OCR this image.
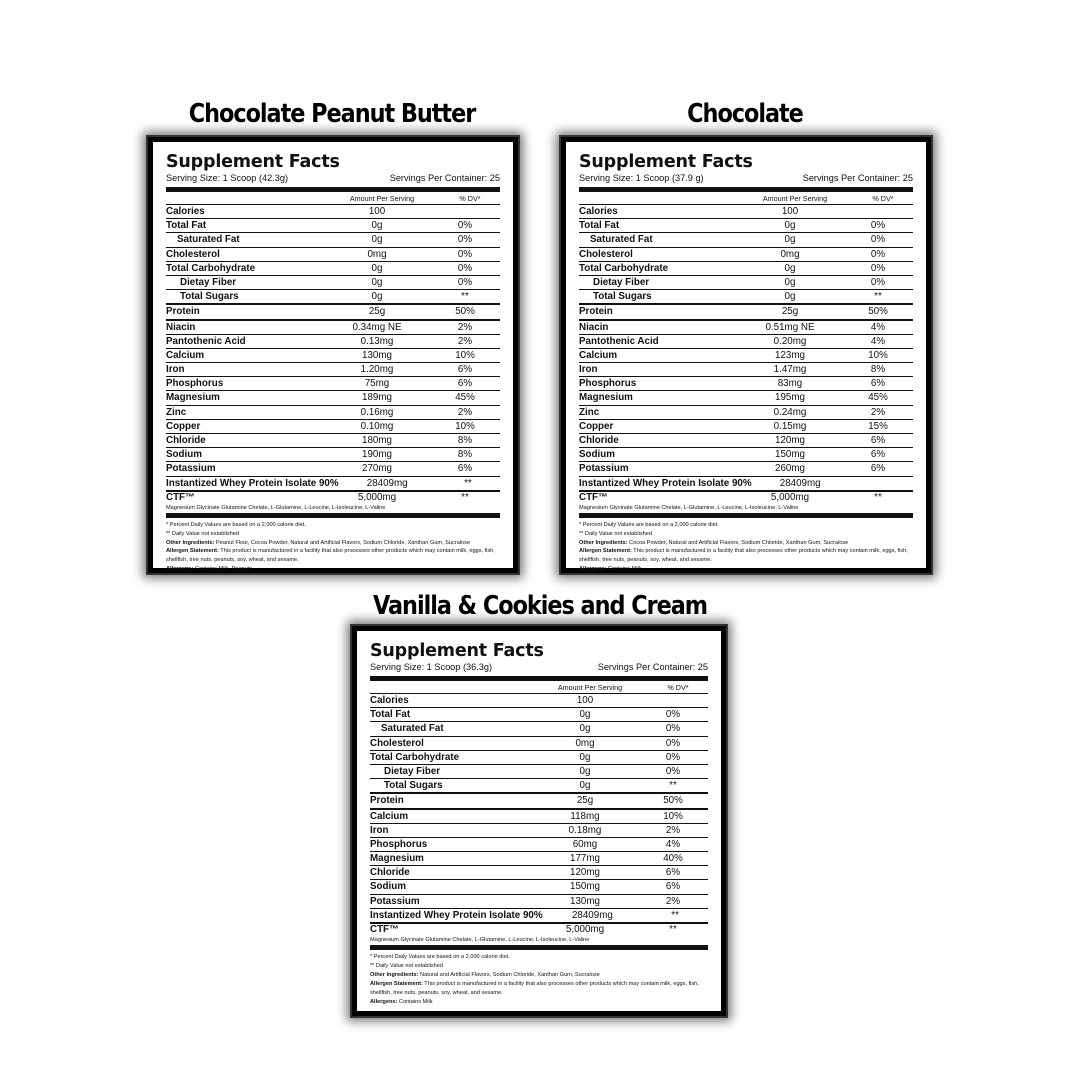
Chocolate Peanut Butter	Chocolate
Vanilla & Cookies and Cream
Supplement Facts
Serving Size: 1 Scoop (42.3g)	Servings Per Container: 25
Amount Per Serving	% DV*
Calories	100
Total Fat	0g	0%
Saturated Fat	0g	0%
Cholesterol	0mg	0%
Total Carbohydrate	0g	0%
Dietay Fiber	0g	0%
Total Sugars	0g	**
Protein	25g	50%
Niacin	0.34mg NE	2%
Pantothenic Acid	0.13mg	2%
Calcium	130mg	10%
Iron	1.20mg	6%
Phosphorus	75mg	6%
Magnesium	189mg	45%
Zinc	0.16mg	2%
Copper	0.10mg	10%
Chloride	180mg	8%
Sodium	190mg	8%
Potassium	270mg	6%
Instantized Whey Protein Isolate 90%	28409mg	**
CTF™	5,000mg	**
Magnesium Glycinate Glutamine Chelate, L-Glutamine, L-Leucine, L-Isoleucine, L-Valine
* Percent Daily Values are based on a 2,000 calorie diet.
** Daily Value not established
Other Ingredients: Peanut Flour, Cocoa Powder, Natural and Artificial Flavors, Sodium Chloride, Xanthan Gum, Sucralose
Allergen Statement: This product is manufactured in a facility that also processes other products which may contain milk, eggs, fish, shellfish, tree nuts, peanuts, soy, wheat, and sesame.
Allergens: Contains Milk, Peanuts
Supplement Facts
Serving Size: 1 Scoop (37.9 g)	Servings Per Container: 25
Amount Per Serving	% DV*
Calories	100
Total Fat	0g	0%
Saturated Fat	0g	0%
Cholesterol	0mg	0%
Total Carbohydrate	0g	0%
Dietay Fiber	0g	0%
Total Sugars	0g	**
Protein	25g	50%
Niacin	0.51mg NE	4%
Pantothenic Acid	0.20mg	4%
Calcium	123mg	10%
Iron	1.47mg	8%
Phosphorus	83mg	6%
Magnesium	195mg	45%
Zinc	0.24mg	2%
Copper	0.15mg	15%
Chloride	120mg	6%
Sodium	150mg	6%
Potassium	260mg	6%
Instantized Whey Protein Isolate 90%	28409mg
CTF™	5,000mg	**
Magnesium Glycinate Glutamine Chelate, L-Glutamine, L-Leucine, L-Isoleucine, L-Valine
* Percent Daily Values are based on a 2,000 calorie diet.
** Daily Value not established
Other Ingredients: Cocoa Powder, Natural and Artificial Flavors, Sodium Chloride, Xanthan Gum, Sucralose
Allergen Statement: This product is manufactured in a facility that also processes other products which may contain milk, eggs, fish, shellfish, tree nuts, peanuts, soy, wheat, and sesame.
Allergens: Contains Milk
Supplement Facts
Serving Size: 1 Scoop (36.3g)	Servings Per Container: 25
Amount Per Serving	% DV*
Calories	100
Total Fat	0g	0%
Saturated Fat	0g	0%
Cholesterol	0mg	0%
Total Carbohydrate	0g	0%
Dietay Fiber	0g	0%
Total Sugars	0g	**
Protein	25g	50%
Calcium	118mg	10%
Iron	0.18mg	2%
Phosphorus	60mg	4%
Magnesium	177mg	40%
Chloride	120mg	6%
Sodium	150mg	6%
Potassium	130mg	2%
Instantized Whey Protein Isolate 90%	28409mg	**
CTF™	5,000mg	**
Magnesium Glycinate Glutamine Chelate, L-Glutamine, L-Leucine, L-Isoleucine, L-Valine
* Percent Daily Values are based on a 2,000 calorie diet.
** Daily Value not established
Other Ingredients: Natural and Artificial Flavors, Sodium Chloride, Xanthan Gum, Sucralose
Allergen Statement: This product is manufactured in a facility that also processes other products which may contain milk, eggs, fish, shellfish, tree nuts, peanuts, soy, wheat, and sesame.
Allergens: Contains Milk
